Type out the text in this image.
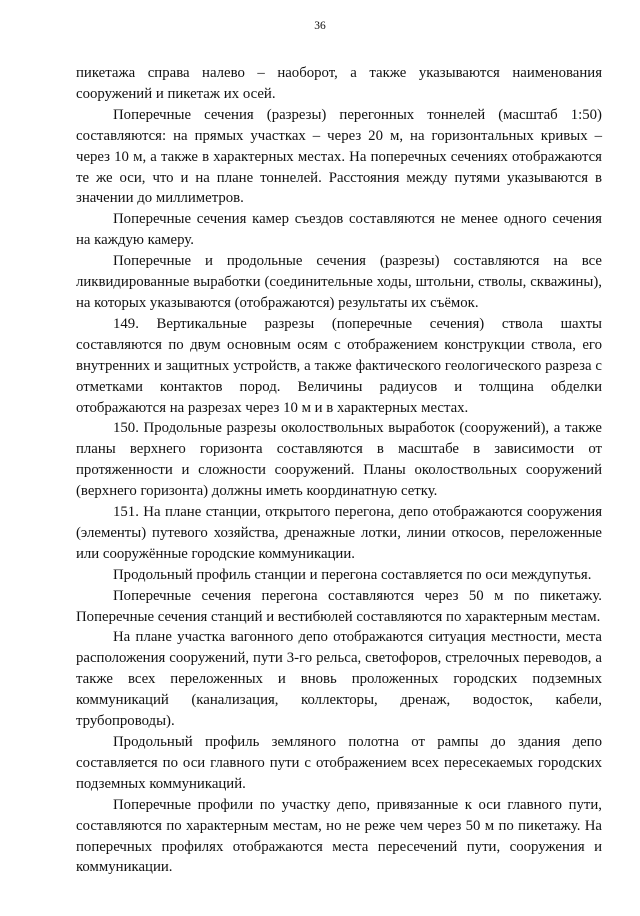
36

пикетажа справа налево – наоборот, а также указываются наименования сооружений и пикетаж их осей.

Поперечные сечения (разрезы) перегонных тоннелей (масштаб 1:50) составляются: на прямых участках – через 20 м, на горизонтальных кривых – через 10 м, а также в характерных местах. На поперечных сечениях отображаются те же оси, что и на плане тоннелей. Расстояния между путями указываются в значении до миллиметров.

Поперечные сечения камер съездов составляются не менее одного сечения на каждую камеру.

Поперечные и продольные сечения (разрезы) составляются на все ликвидированные выработки (соединительные ходы, штольни, стволы, скважины), на которых указываются (отображаются) результаты их съёмок.

149. Вертикальные разрезы (поперечные сечения) ствола шахты составляются по двум основным осям с отображением конструкции ствола, его внутренних и защитных устройств, а также фактического геологического разреза с отметками контактов пород. Величины радиусов и толщина обделки отображаются на разрезах через 10 м и в характерных местах.

150. Продольные разрезы околоствольных выработок (сооружений), а также планы верхнего горизонта составляются в масштабе в зависимости от протяженности и сложности сооружений. Планы околоствольных сооружений (верхнего горизонта) должны иметь координатную сетку.

151. На плане станции, открытого перегона, депо отображаются сооружения (элементы) путевого хозяйства, дренажные лотки, линии откосов, переложенные или сооружённые городские коммуникации.

Продольный профиль станции и перегона составляется по оси междупутья.

Поперечные сечения перегона составляются через 50 м по пикетажу. Поперечные сечения станций и вестибюлей составляются по характерным местам.

На плане участка вагонного депо отображаются ситуация местности, места расположения сооружений, пути 3-го рельса, светофоров, стрелочных переводов, а также всех переложенных и вновь проложенных городских подземных коммуникаций (канализация, коллекторы, дренаж, водосток, кабели, трубопроводы).

Продольный профиль земляного полотна от рампы до здания депо составляется по оси главного пути с отображением всех пересекаемых городских подземных коммуникаций.

Поперечные профили по участку депо, привязанные к оси главного пути, составляются по характерным местам, но не реже чем через 50 м по пикетажу. На поперечных профилях отображаются места пересечений пути, сооружения и коммуникации.
